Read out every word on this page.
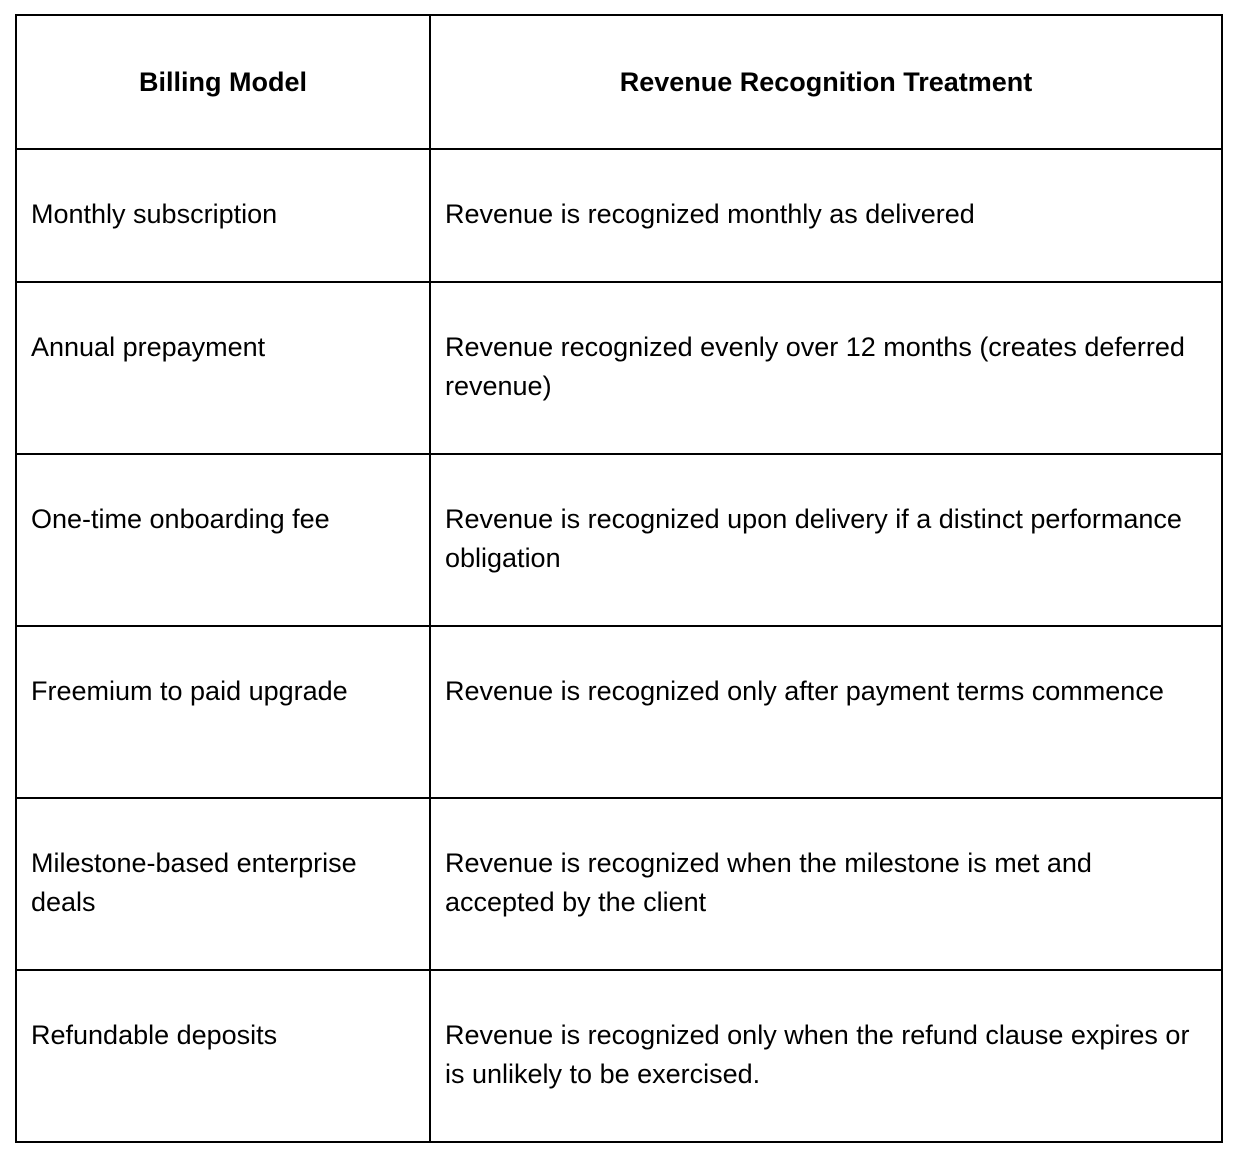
Billing Model	Revenue Recognition Treatment

Monthly subscription	Revenue is recognized monthly as delivered

Annual prepayment	Revenue recognized evenly over 12 months (creates deferred revenue)

One-time onboarding fee	Revenue is recognized upon delivery if a distinct performance obligation

Freemium to paid upgrade	Revenue is recognized only after payment terms commence

Milestone-based enterprise deals	Revenue is recognized when the milestone is met and accepted by the client

Refundable deposits	Revenue is recognized only when the refund clause expires or is unlikely to be exercised.
